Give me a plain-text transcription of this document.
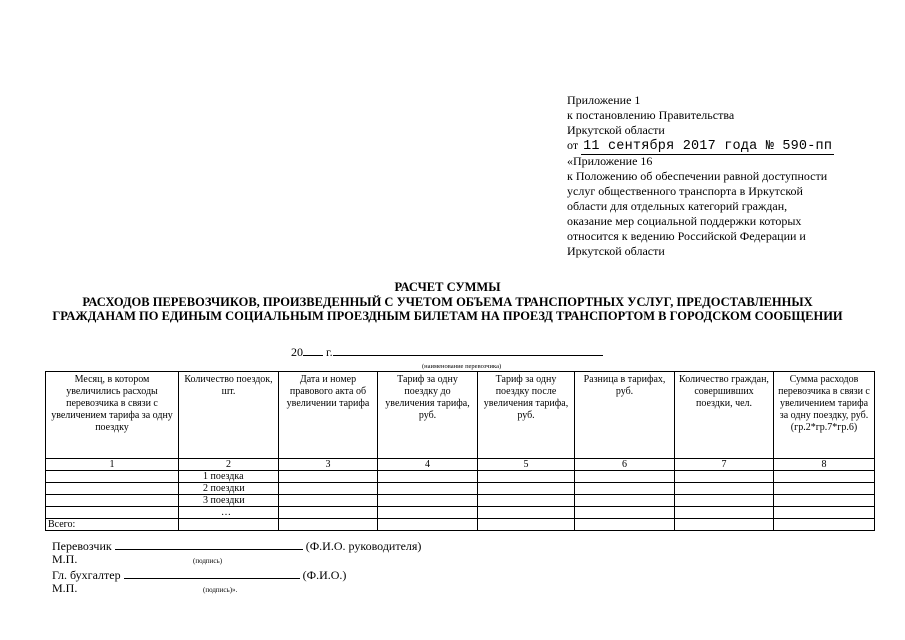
Приложение 1
к постановлению Правительства
Иркутской области
от 11 сентября 2017 года № 590-пп
«Приложение 16
к Положению об обеспечении равной доступности
услуг общественного транспорта в Иркутской
области для отдельных категорий граждан,
оказание мер социальной поддержки которых
относится к ведению Российской Федерации и
Иркутской области
РАСЧЕТ СУММЫ
РАСХОДОВ ПЕРЕВОЗЧИКОВ, ПРОИЗВЕДЕННЫЙ С УЧЕТОМ ОБЪЕМА ТРАНСПОРТНЫХ УСЛУГ, ПРЕДОСТАВЛЕННЫХ ГРАЖДАНАМ ПО ЕДИНЫМ СОЦИАЛЬНЫМ ПРОЕЗДНЫМ БИЛЕТАМ НА ПРОЕЗД ТРАНСПОРТОМ В ГОРОДСКОМ СООБЩЕНИИ
20 г.
(наименование перевозчика)
Месяц, в котором увеличились расходы перевозчика в связи с увеличением тарифа за одну поездку	Количество поездок, шт.	Дата и номер правового акта об увеличении тарифа	Тариф за одну поездку до увеличения тарифа, руб.	Тариф за одну поездку после увеличения тарифа, руб.	Разница в тарифах, руб.	Количество граждан, совершивших поездки, чел.	Сумма расходов перевозчика в связи с увеличением тарифа за одну поездку, руб. (гр.2*гр.7*гр.6)
1	2	3	4	5	6	7	8
	1 поездка						
	2 поездки						
	3 поездки						
	…						
Всего:							
Перевозчик	(Ф.И.О. руководителя)
М.П.	(подпись)
Гл. бухгалтер	(Ф.И.О.)
М.П.	(подпись)».
